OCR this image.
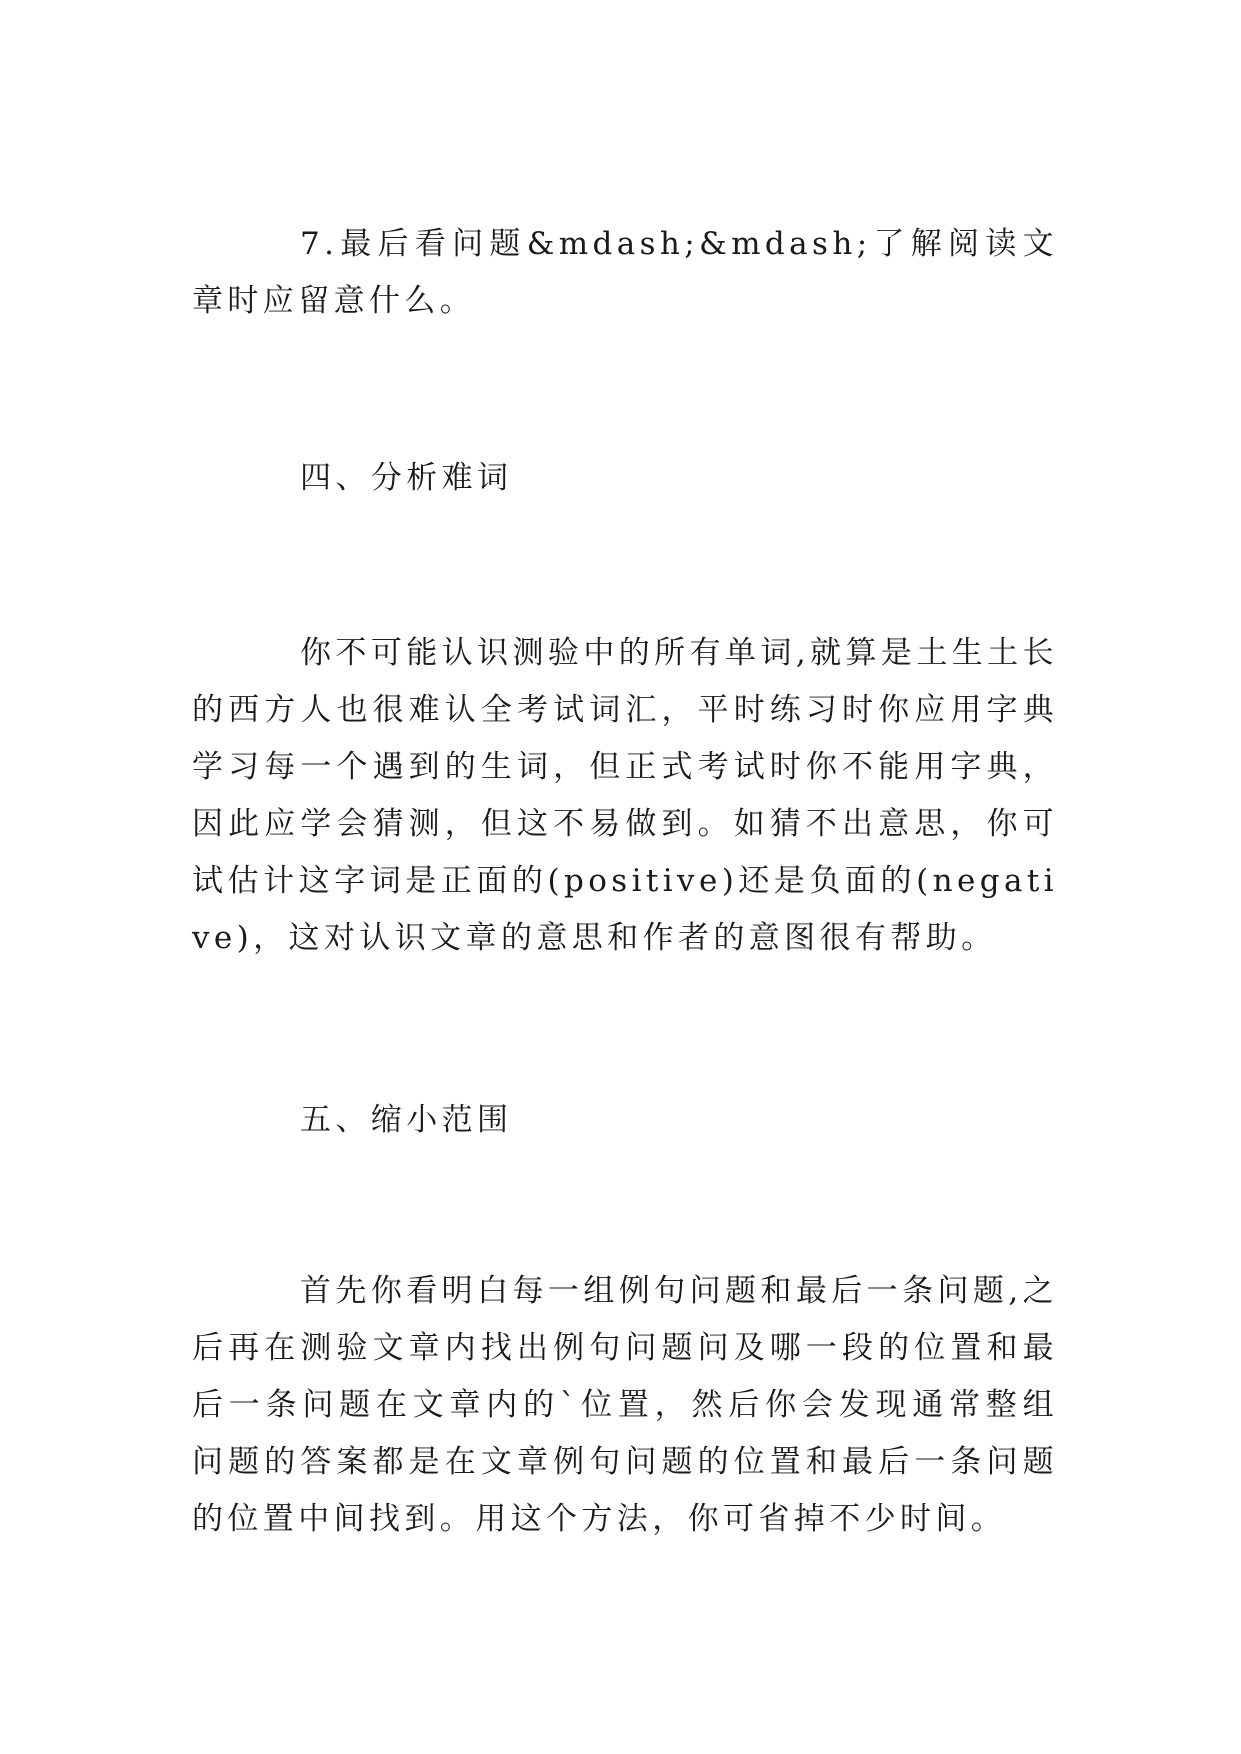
7.最后看问题&mdash;&mdash;了解阅读文章时应留意什么。

四、分析难词

你不可能认识测验中的所有单词,就算是土生土长的西方人也很难认全考试词汇，平时练习时你应用字典学习每一个遇到的生词，但正式考试时你不能用字典，因此应学会猜测，但这不易做到。如猜不出意思，你可试估计这字词是正面的(positive)还是负面的(negative)，这对认识文章的意思和作者的意图很有帮助。

五、缩小范围

首先你看明白每一组例句问题和最后一条问题,之后再在测验文章内找出例句问题问及哪一段的位置和最后一条问题在文章内的`位置，然后你会发现通常整组问题的答案都是在文章例句问题的位置和最后一条问题的位置中间找到。用这个方法，你可省掉不少时间。
